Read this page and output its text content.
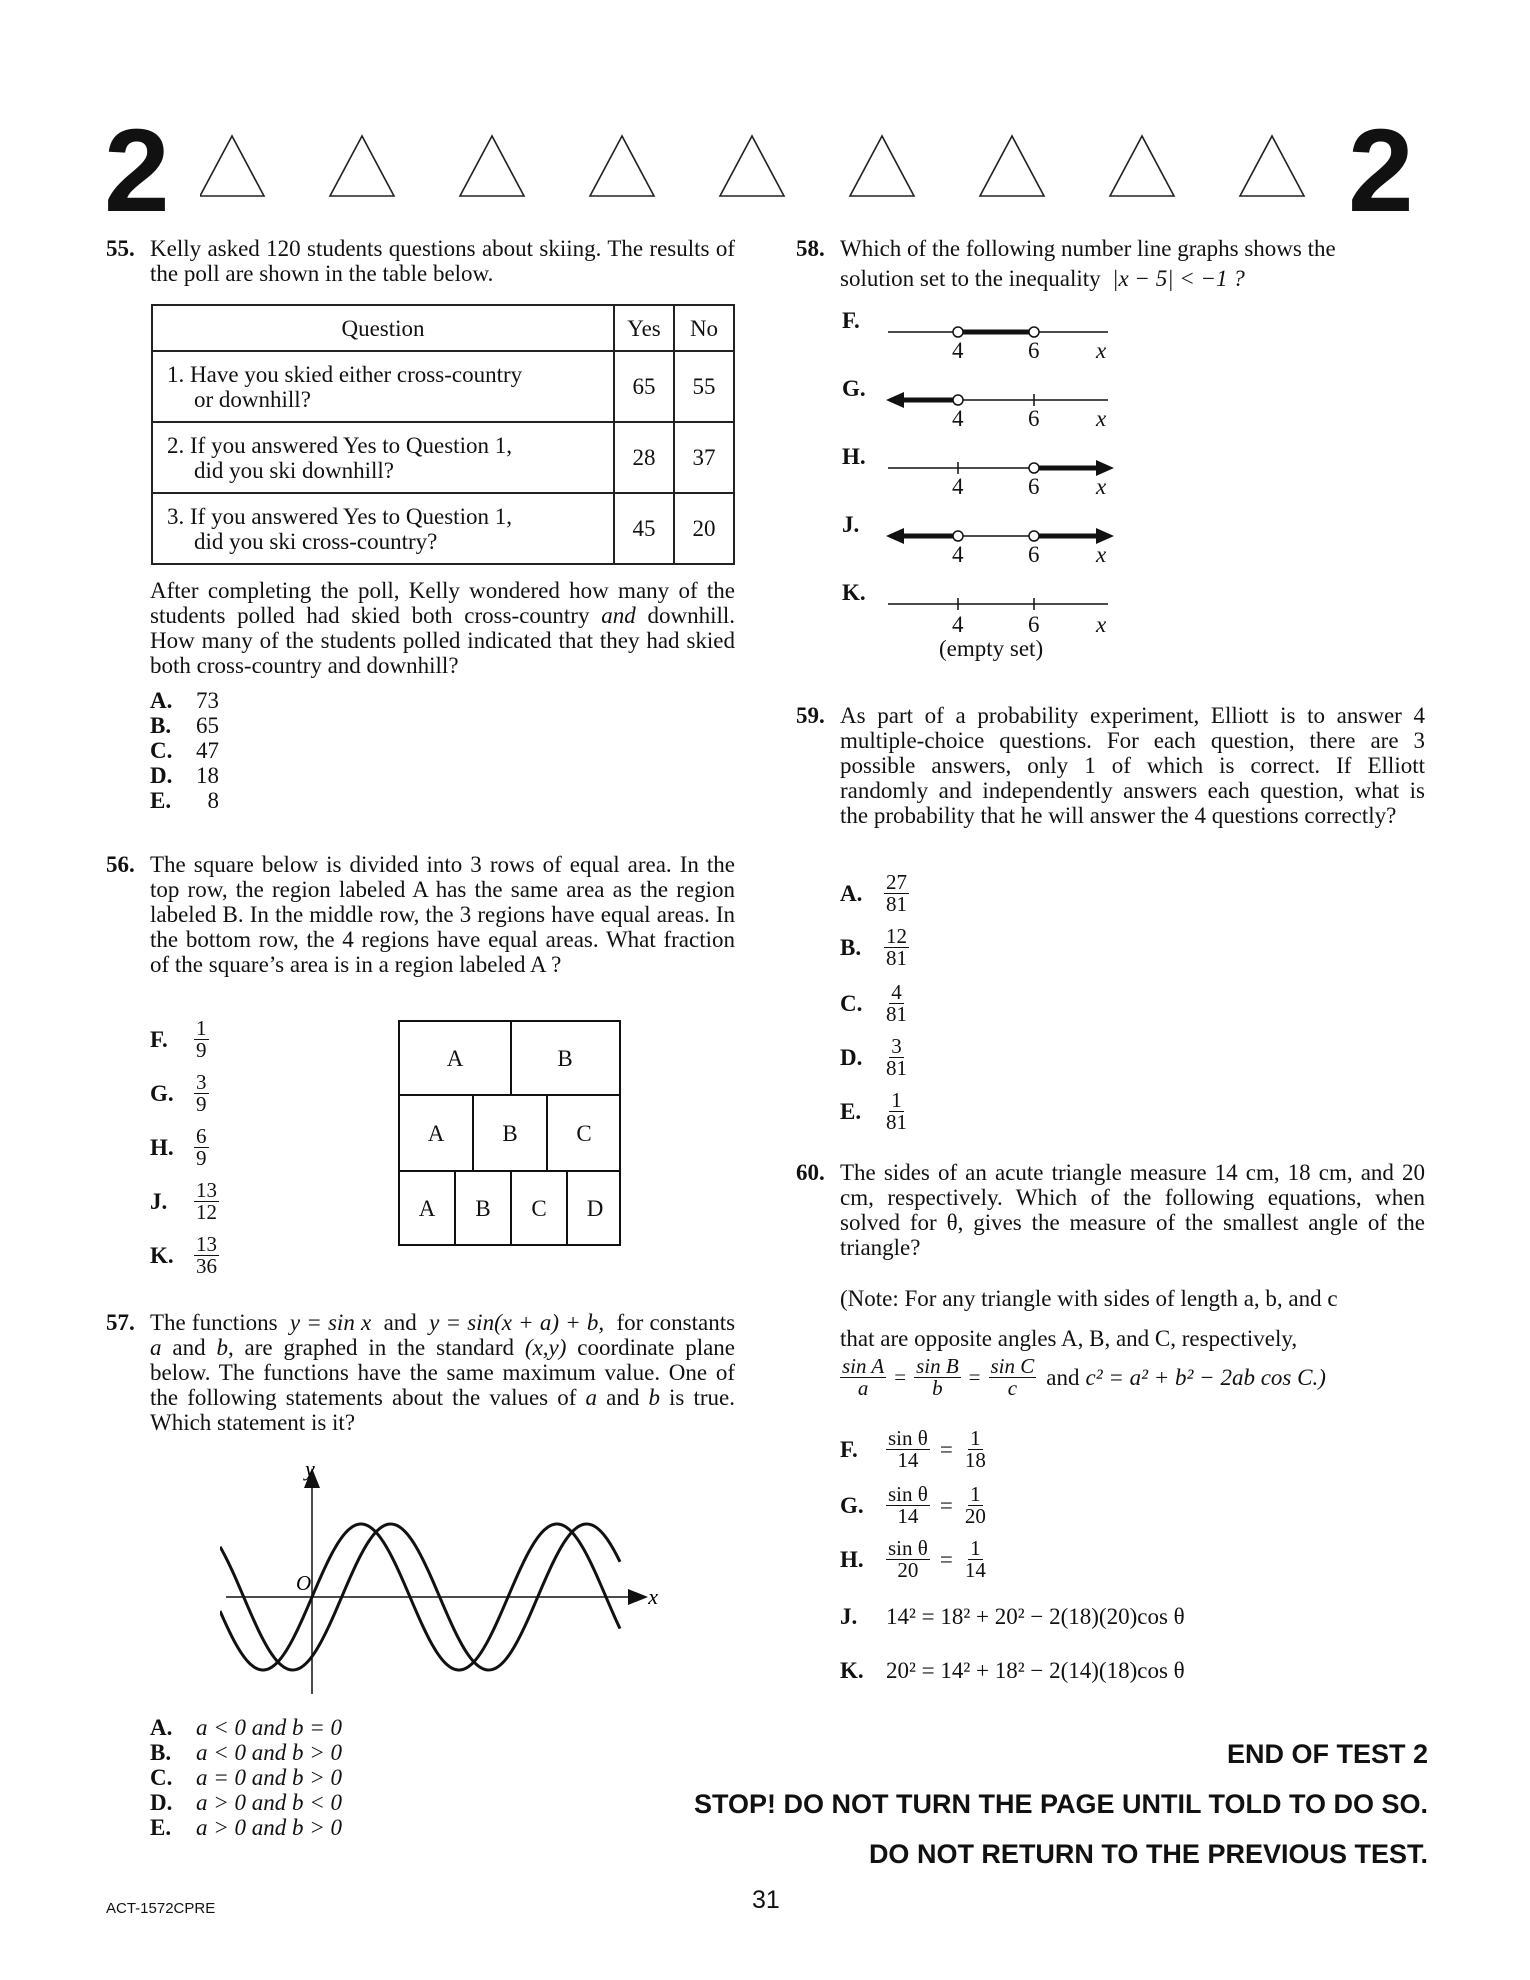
2	2
55. Kelly asked 120 students questions about skiing. The results of the poll are shown in the table below.
Question	Yes	No
1. Have you skied either cross-country
or downhill?	65	55
2. If you answered Yes to Question 1,
did you ski downhill?	28	37
3. If you answered Yes to Question 1,
did you ski cross-country?	45	20
After completing the poll, Kelly wondered how many of the students polled had skied both cross-country and downhill. How many of the students polled indicated that they had skied both cross-country and downhill?
A. 73
B. 65
C. 47
D. 18
E.  8
56. The square below is divided into 3 rows of equal area. In the top row, the region labeled A has the same area as the region labeled B. In the middle row, the 3 regions have equal areas. In the bottom row, the 4 regions have equal areas. What fraction of the square’s area is in a region labeled A ?
F.	$\frac{1}{9}$
G. $\frac{3}{9}$
H. $\frac{6}{9}$
J.	$\frac{13}{12}$
K. $\frac{13}{36}$
A	B
A	B	C
A	B	C	D
57. The functions y = sin x and y = sin(x + a) + b, for constants a and b, are graphed in the standard (x,y) coordinate plane below. The functions have the same maximum value. One of the following statements about the values of a and b is true. Which statement is it?
y
x
O
A. a < 0 and b = 0
B. a < 0 and b > 0
C. a = 0 and b > 0
D. a > 0 and b < 0
E. a > 0 and b > 0
58. Which of the following number line graphs shows the
solution set to the inequality |x − 5| < −1 ?
F.
4	6 x
G.
4	6 x
H.
4	6 x
J.
4	6 x
K.
4	6 x
(empty set)
59. As part of a probability experiment, Elliott is to answer 4 multiple-choice questions. For each question, there are 3 possible answers, only 1 of which is correct. If Elliott randomly and independently answers each question, what is the probability that he will answer the 4 questions correctly?
A.	$\frac{27}{81}$
B.	$\frac{12}{81}$
C.	$\frac{4}{81}$
D.	$\frac{3}{81}$
E.	$\frac{1}{81}$
60. The sides of an acute triangle measure 14 cm, 18 cm, and 20 cm, respectively. Which of the following equations, when solved for θ, gives the measure of the smallest angle of the triangle?
(Note: For any triangle with sides of length a, b, and c
that are opposite angles A, B, and C, respectively,
$\frac{\text{sin A}}{a} = \frac{\text{sin B}}{b} = \frac{\text{sin C}}{c}$ and c² = a² + b² − 2ab cos C.)
F.	$\frac{\text{sin θ}}{14} = \frac{1}{18}$
G.	$\frac{\text{sin θ}}{14} = \frac{1}{20}$
H.	$\frac{\text{sin θ}}{20} = \frac{1}{14}$
J.	14² = 18² + 20² − 2(18)(20)cos θ
K. 20² = 14² + 18² − 2(14)(18)cos θ
END OF TEST 2
STOP! DO NOT TURN THE PAGE UNTIL TOLD TO DO SO.
DO NOT RETURN TO THE PREVIOUS TEST.
ACT-1572CPRE	31
